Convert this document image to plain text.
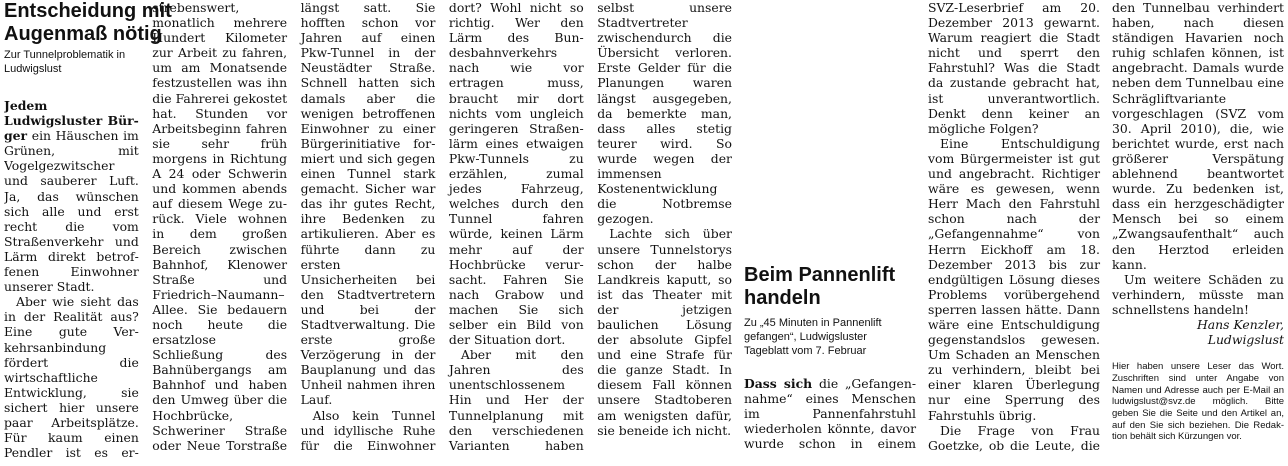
Entscheidung mit
Augenmaß nötig
Zur Tunnelproblematik in
Ludwigslust

Jedem Ludwigsluster Bürger ein Häuschen im Grünen, mit Vogelgezwitscher und sauberer Luft. Ja, das wünschen sich alle und erst recht die vom Straßenverkehr und Lärm direkt betroffenen Einwohner unserer Stadt.

Aber wie sieht das in der Realität aus? Eine gute Verkehrsanbindung fördert die wirtschaftliche Entwicklung, sie sichert hier unsere paar Arbeitsplätze. Für kaum einen Pendler ist es erstrebenswert, monatlich mehrere Hundert Kilometer zur Arbeit zu fahren, um am Monatsende festzustellen was ihn die Fahrerei gekostet hat. Stunden vor Arbeitsbeginn fahren sie sehr früh morgens in Richtung A 24 oder Schwerin und kommen abends auf diesem Wege zurück. Viele wohnen in dem großen Bereich zwischen Bahnhof, Klenower Straße und Friedrich–Naumann–Allee. Sie bedauern noch heute die ersatzlose Schließung des Bahnübergangs am Bahnhof und haben den Umweg über die Hochbrücke, Schweriner Straße oder Neue Torstraße längst satt. Sie hofften schon vor Jahren auf einen Pkw-Tunnel in der Neustädter Straße. Schnell hatten sich damals aber die wenigen betroffenen Einwohner zu einer Bürgerinitiative formiert und sich gegen einen Tunnel stark gemacht. Sicher war das ihr gutes Recht, ihre Bedenken zu artikulieren. Aber es führte dann zu ersten Unsicherheiten bei den Stadtvertretern und bei der Stadtverwaltung. Die erste große Verzögerung in der Bauplanung und das Unheil nahmen ihren Lauf.

Also kein Tunnel und idyllische Ruhe für die Einwohner dort? Wohl nicht so richtig. Wer den Lärm des Bundesbahnverkehrs nach wie vor ertragen muss, braucht mir dort nichts vom ungleich geringeren Straßenlärm eines etwaigen Pkw-Tunnels zu erzählen, zumal jedes Fahrzeug, welches durch den Tunnel fahren würde, keinen Lärm mehr auf der Hochbrücke verursacht. Fahren Sie nach Grabow und machen Sie sich selber ein Bild von der Situation dort.

Aber mit den Jahren des unentschlossenem Hin und Her der Tunnelplanung mit den verschiedenen Varianten haben selbst unsere Stadtvertreter zwischendurch die Übersicht verloren. Erste Gelder für die Planungen waren längst ausgegeben, da bemerkte man, dass alles stetig teurer wird. So wurde wegen der immensen Kostenentwicklung die Notbremse gezogen.

Lachte sich über unsere Tunnelstorys schon der halbe Landkreis kaputt, so ist das Theater mit der jetzigen baulichen Lösung der absolute Gipfel und eine Strafe für die ganze Stadt. In diesem Fall können unsere Stadtoberen am wenigsten dafür, sie beneide ich nicht.

Beim Pannenlift
handeln
Zu „45 Minuten in Pannenlift
gefangen“, Ludwigsluster
Tageblatt vom 7. Februar

Dass sich die „Gefangennahme“ eines Menschen im Pannenfahrstuhl wiederholen könnte, davor wurde schon in einem SVZ-Leserbrief am 20. Dezember 2013 gewarnt. Warum reagiert die Stadt nicht und sperrt den Fahrstuhl? Was die Stadt da zustande gebracht hat, ist unverantwortlich. Denkt denn keiner an mögliche Folgen?

Eine Entschuldigung vom Bürgermeister ist gut und angebracht. Richtiger wäre es gewesen, wenn Herr Mach den Fahrstuhl schon nach der „Gefangennahme“ von Herrn Eickhoff am 18. Dezember 2013 bis zur endgültigen Lösung dieses Problems vorübergehend sperren lassen hätte. Dann wäre eine Entschuldigung gegenstandslos gewesen. Um Schaden an Menschen zu verhindern, bleibt bei einer klaren Überlegung nur eine Sperrung des Fahrstuhls übrig.

Die Frage von Frau Goetzke, ob die Leute, die den Tunnelbau verhindert haben, nach diesen ständigen Havarien noch ruhig schlafen können, ist angebracht. Damals wurde neben dem Tunnelbau eine Schrägliftvariante vorgeschlagen (SVZ vom 30. April 2010), die, wie berichtet wurde, erst nach größerer Verspätung ablehnend beantwortet wurde. Zu bedenken ist, dass ein herzgeschädigter Mensch bei so einem „Zwangsaufenthalt“ auch den Herztod erleiden kann.

Um weitere Schäden zu verhindern, müsste man schnellstens handeln!

Hans Kenzler,
Ludwigslust

Hier haben unsere Leser das Wort. Zuschriften sind unter Angabe von Namen und Adresse auch per E-Mail an ludwigslust@svz.de möglich. Bitte geben Sie die Seite und den Artikel an, auf den Sie sich beziehen. Die Redaktion behält sich Kürzungen vor.
